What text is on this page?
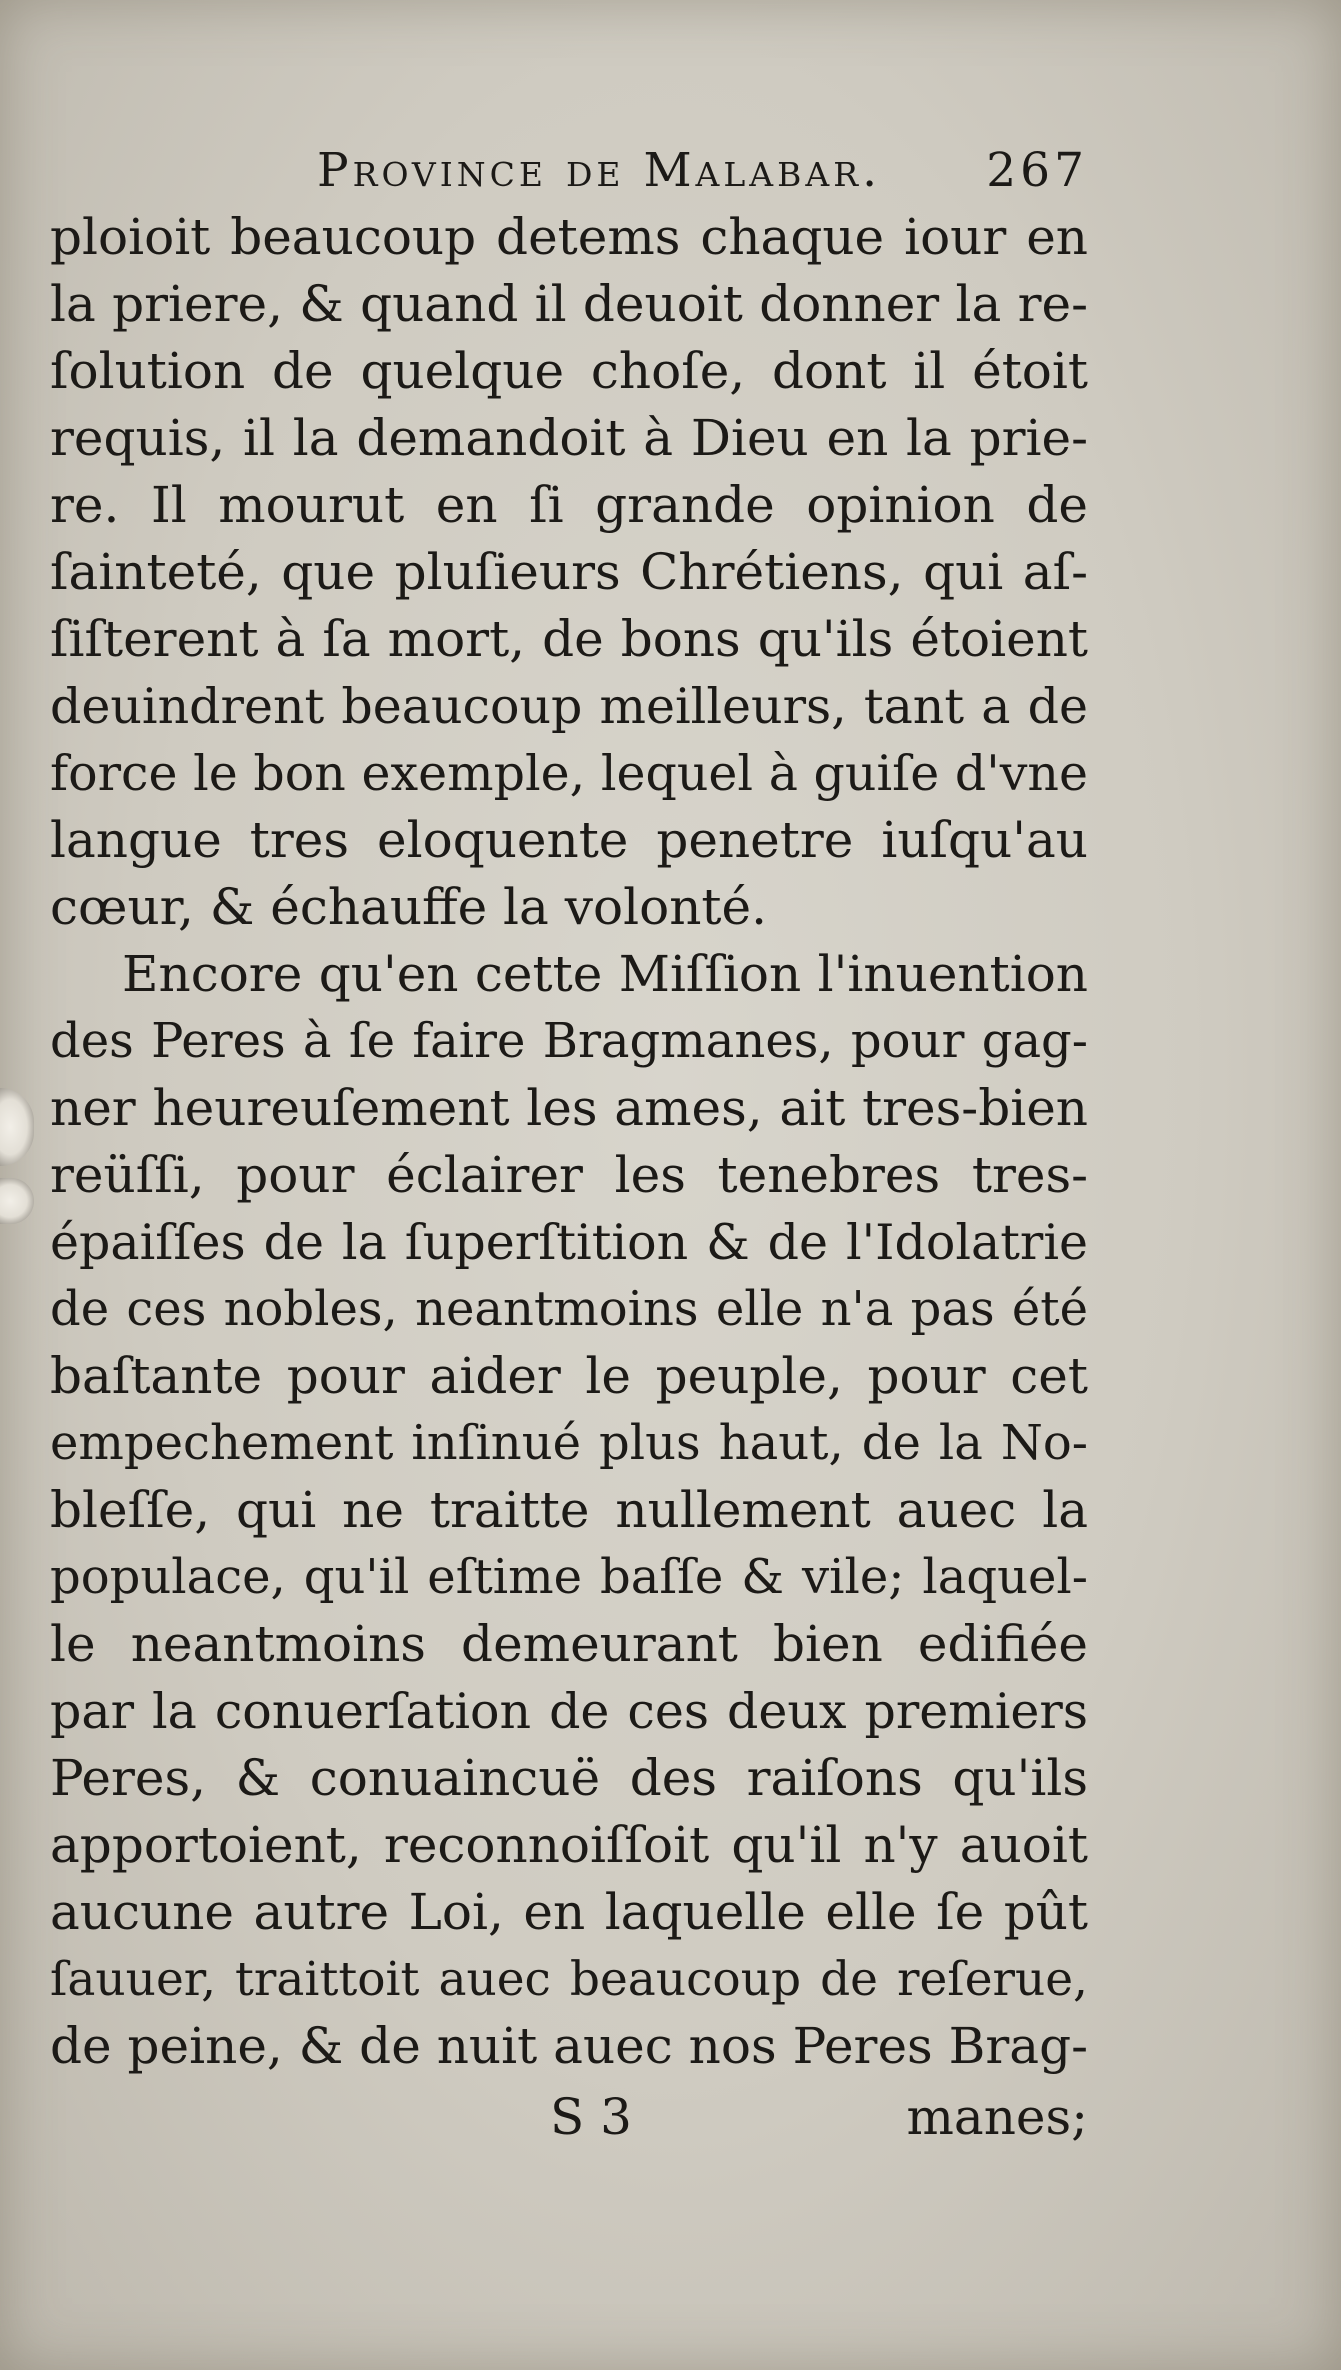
Province de Malabar. 267
ploioit beaucoup detems chaque iour en
la priere, & quand il deuoit donner la re-
ſolution de quelque choſe, dont il étoit
requis, il la demandoit à Dieu en la prie-
re. Il mourut en ſi grande opinion de
ſainteté, que pluſieurs Chrétiens, qui aſ-
ſiſterent à ſa mort, de bons qu'ils étoient
deuindrent beaucoup meilleurs, tant a de
force le bon exemple, lequel à guiſe d'vne
langue tres eloquente penetre iuſqu'au
cœur, & échauffe la volonté.
Encore qu'en cette Miſſion l'inuention
des Peres à ſe faire Bragmanes, pour gag-
ner heureuſement les ames, ait tres-bien
reüſſi, pour éclairer les tenebres tres-
épaiſſes de la ſuperſtition & de l'Idolatrie
de ces nobles, neantmoins elle n'a pas été
baſtante pour aider le peuple, pour cet
empechement inſinué plus haut, de la No-
bleſſe, qui ne traitte nullement auec la
populace, qu'il eſtime baſſe & vile; laquel-
le neantmoins demeurant bien edifiée
par la conuerſation de ces deux premiers
Peres, & conuaincuë des raiſons qu'ils
apportoient, reconnoiſſoit qu'il n'y auoit
aucune autre Loi, en laquelle elle ſe pût
ſauuer, traittoit auec beaucoup de reſerue,
de peine, & de nuit auec nos Peres Brag-
S 3	manes;
